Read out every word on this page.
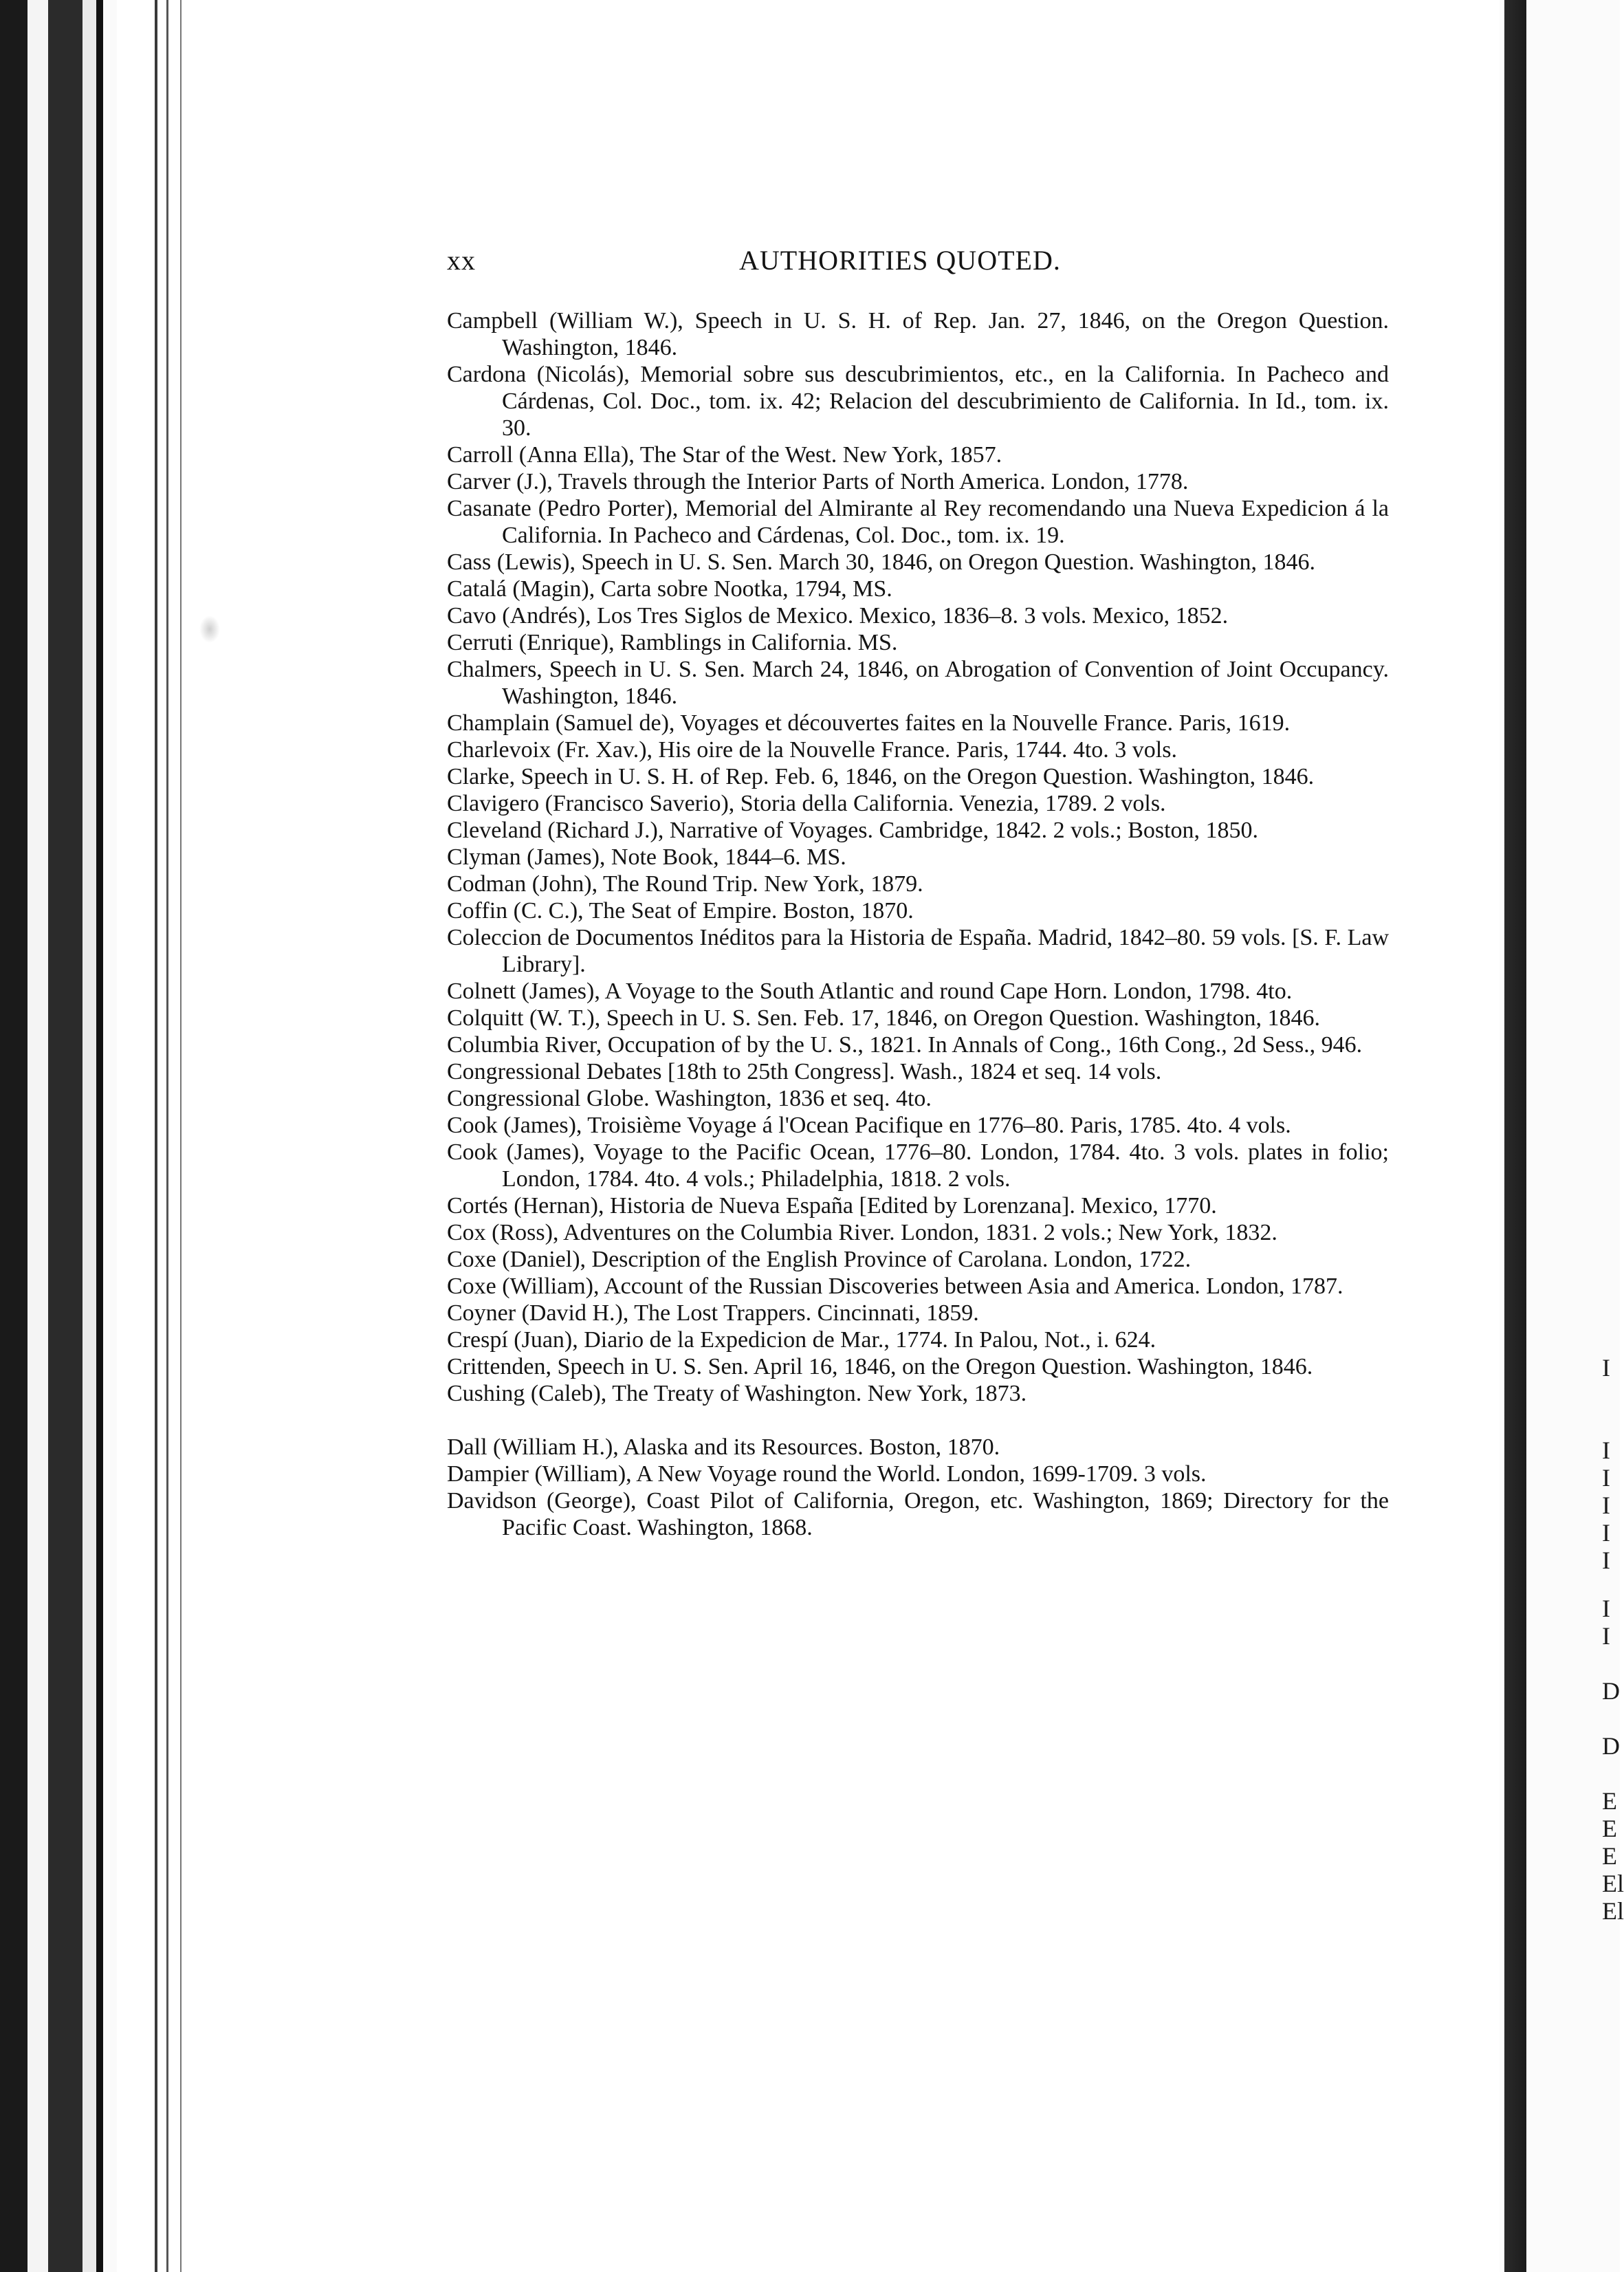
xx	AUTHORITIES QUOTED.

Campbell (William W.), Speech in U. S. H. of Rep. Jan. 27, 1846, on the Oregon Question. Washington, 1846.

Cardona (Nicolás), Memorial sobre sus descubrimientos, etc., en la California. In Pacheco and Cárdenas, Col. Doc., tom. ix. 42; Relacion del descubrimiento de California. In Id., tom. ix. 30.

Carroll (Anna Ella), The Star of the West. New York, 1857.

Carver (J.), Travels through the Interior Parts of North America. London, 1778.

Casanate (Pedro Porter), Memorial del Almirante al Rey recomendando una Nueva Expedicion á la California. In Pacheco and Cárdenas, Col. Doc., tom. ix. 19.

Cass (Lewis), Speech in U. S. Sen. March 30, 1846, on Oregon Question. Washington, 1846.

Catalá (Magin), Carta sobre Nootka, 1794, MS.

Cavo (Andrés), Los Tres Siglos de Mexico. Mexico, 1836–8. 3 vols. Mexico, 1852.

Cerruti (Enrique), Ramblings in California. MS.

Chalmers, Speech in U. S. Sen. March 24, 1846, on Abrogation of Convention of Joint Occupancy. Washington, 1846.

Champlain (Samuel de), Voyages et découvertes faites en la Nouvelle France. Paris, 1619.

Charlevoix (Fr. Xav.), His oire de la Nouvelle France. Paris, 1744. 4to. 3 vols.

Clarke, Speech in U. S. H. of Rep. Feb. 6, 1846, on the Oregon Question. Washington, 1846.

Clavigero (Francisco Saverio), Storia della California. Venezia, 1789. 2 vols.

Cleveland (Richard J.), Narrative of Voyages. Cambridge, 1842. 2 vols.; Boston, 1850.

Clyman (James), Note Book, 1844–6. MS.

Codman (John), The Round Trip. New York, 1879.

Coffin (C. C.), The Seat of Empire. Boston, 1870.

Coleccion de Documentos Inéditos para la Historia de España. Madrid, 1842–80. 59 vols. [S. F. Law Library].

Colnett (James), A Voyage to the South Atlantic and round Cape Horn. London, 1798. 4to.

Colquitt (W. T.), Speech in U. S. Sen. Feb. 17, 1846, on Oregon Question. Washington, 1846.

Columbia River, Occupation of by the U. S., 1821. In Annals of Cong., 16th Cong., 2d Sess., 946.

Congressional Debates [18th to 25th Congress]. Wash., 1824 et seq. 14 vols.

Congressional Globe. Washington, 1836 et seq. 4to.

Cook (James), Troisième Voyage á l'Ocean Pacifique en 1776–80. Paris, 1785. 4to. 4 vols.

Cook (James), Voyage to the Pacific Ocean, 1776–80. London, 1784. 4to. 3 vols. plates in folio; London, 1784. 4to. 4 vols.; Philadelphia, 1818. 2 vols.

Cortés (Hernan), Historia de Nueva España [Edited by Lorenzana]. Mexico, 1770.

Cox (Ross), Adventures on the Columbia River. London, 1831. 2 vols.; New York, 1832.

Coxe (Daniel), Description of the English Province of Carolana. London, 1722.

Coxe (William), Account of the Russian Discoveries between Asia and America. London, 1787.

Coyner (David H.), The Lost Trappers. Cincinnati, 1859.

Crespí (Juan), Diario de la Expedicion de Mar., 1774. In Palou, Not., i. 624.

Crittenden, Speech in U. S. Sen. April 16, 1846, on the Oregon Question. Washington, 1846.

Cushing (Caleb), The Treaty of Washington. New York, 1873.

Dall (William H.), Alaska and its Resources. Boston, 1870.

Dampier (William), A New Voyage round the World. London, 1699-1709. 3 vols.

Davidson (George), Coast Pilot of California, Oregon, etc. Washington, 1869; Directory for the Pacific Coast. Washington, 1868.

I
I
I
I
I
I
I
I
D
D
E
E
E
El
El
